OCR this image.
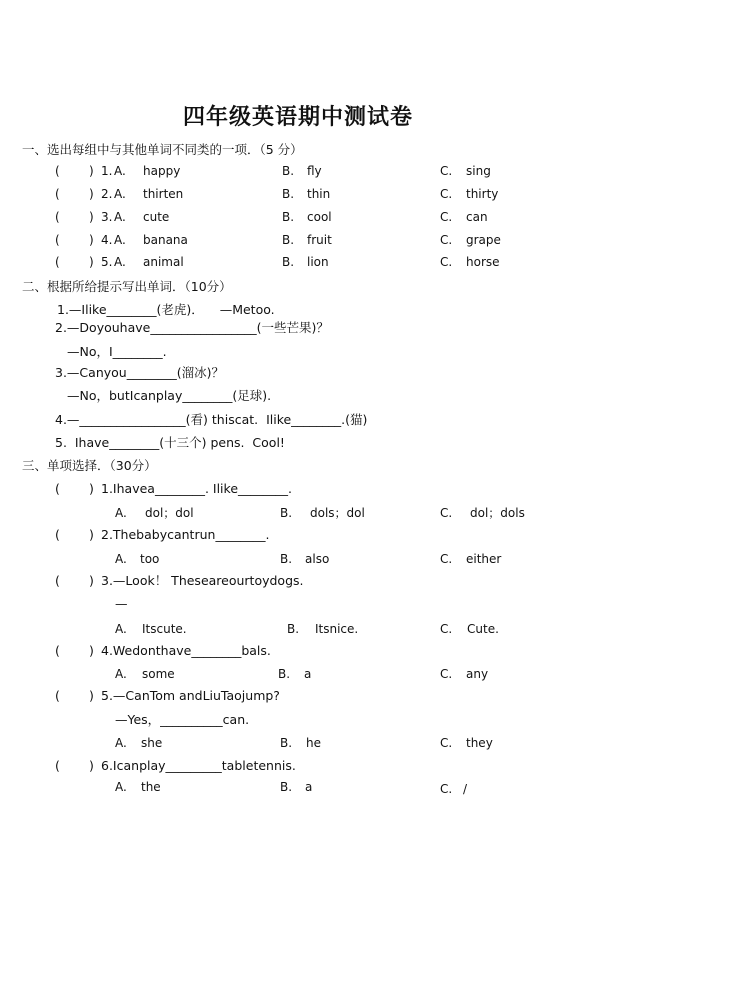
四年级英语期中测试卷
一、选出每组中与其他单词不同类的一项．（5 分）
( ) 1. A. happy	B. fly	C. sing
( ) 2. A. thirten	B. thin	C. thirty
( ) 3. A. cute	B. cool	C. can
( ) 4. A. banana	B. fruit	C. grape
( ) 5. A. animal	B. lion	C. horse
二、根据所给提示写出单词．（10分）
1.—Ilike________(老虎)．    —Metoo.
2.—Doyouhave_________________(一些芒果)？
—No，I________.
3.—Canyou________(溜冰)？
—No，butIcanplay________(足球).
4.—_________________(看) thiscat.  Ilike________.(猫)
5.  Ihave________(十三个) pens.  Cool!
三、单项选择．（30分）
( ) 1.Ihavea________. Ilike________.
A. dol；dol	B. dols；dol	C. dol；dols
( ) 2.Thebabycantrun________.
A. too	B. also	C. either
( ) 3.—Look！ Theseareourtoydogs.
—
A. Itscute.	B. Itsnice.	C. Cute.
( ) 4.Wedonthave________bals.
A. some	B. a	C. any
( ) 5.—CanTom andLiuTaojump?
—Yes，__________can.
A. she	B. he	C. they
( ) 6.Icanplay_________tabletennis.
A. the	B. a	C. /
